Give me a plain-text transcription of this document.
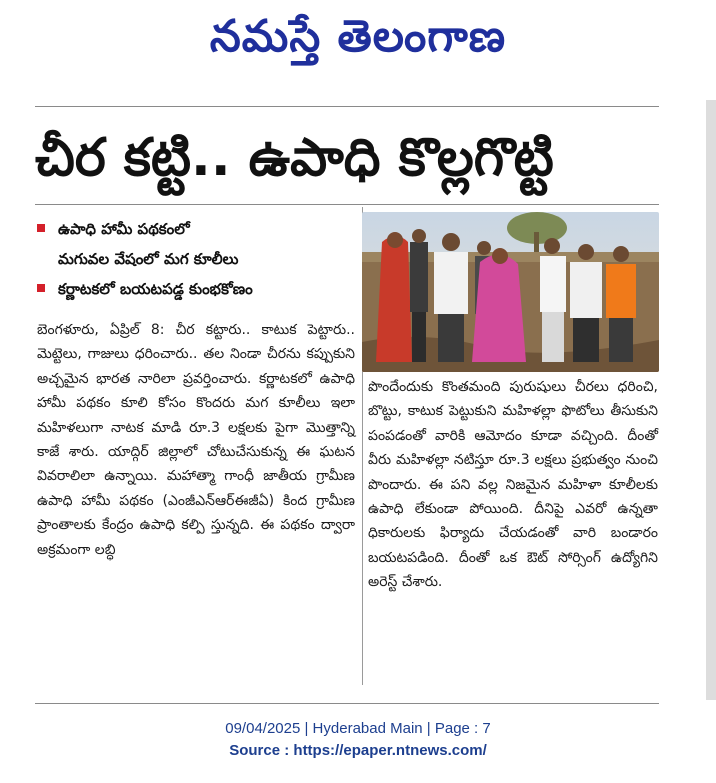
నమస్తే తెలంగాణ
చీర కట్టి.. ఉపాధి కొల్లగొట్టి
ఉపాధి హామీ పథకంలో
మగువల వేషంలో మగ కూలీలు
కర్ణాటకలో బయటపడ్డ కుంభకోణం

బెంగళూరు, ఏప్రిల్ 8: చీర కట్టారు.. కాటుక పెట్టారు.. మెట్టెలు, గాజులు ధరించారు.. తల నిండా చీరను కప్పుకుని అచ్చమైన భారత నారిలా ప్రవర్తించారు. కర్ణాటకలో ఉపాధి హామీ పథకం కూలి కోసం కొందరు మగ కూలీలు ఇలా మహిళలుగా నాటక మాడి రూ.3 లక్షలకు పైగా మొత్తాన్ని కాజే శారు. యాద్గిర్ జిల్లాలో చోటుచేసుకున్న ఈ ఘటన వివరాలిలా ఉన్నాయి. మహాత్మా గాంధీ జాతీయ గ్రామీణ ఉపాధి హామీ పథకం (ఎంజీఎన్ఆర్ఈజీఏ) కింద గ్రామీణ ప్రాంతాలకు కేంద్రం ఉపాధి కల్పి స్తున్నది. ఈ పథకం ద్వారా అక్రమంగా లబ్ధి

పొందేందుకు కొంతమంది పురుషులు చీరలు ధరించి, బొట్టు, కాటుక పెట్టుకుని మహిళల్లా ఫొటోలు తీసుకుని పంపడంతో వారికి ఆమోదం కూడా వచ్చింది. దీంతో వీరు మహిళల్లా నటిస్తూ రూ.3 లక్షలు ప్రభుత్వం నుంచి పొందారు. ఈ పని వల్ల నిజమైన మహిళా కూలీలకు ఉపాధి లేకుండా పోయింది. దీనిపై ఎవరో ఉన్నతా ధికారులకు ఫిర్యాదు చేయడంతో వారి బండారం బయటపడింది. దీంతో ఒక ఔట్ సోర్సింగ్ ఉద్యోగిని అరెస్ట్ చేశారు.

09/04/2025 | Hyderabad Main | Page : 7
Source : https://epaper.ntnews.com/
